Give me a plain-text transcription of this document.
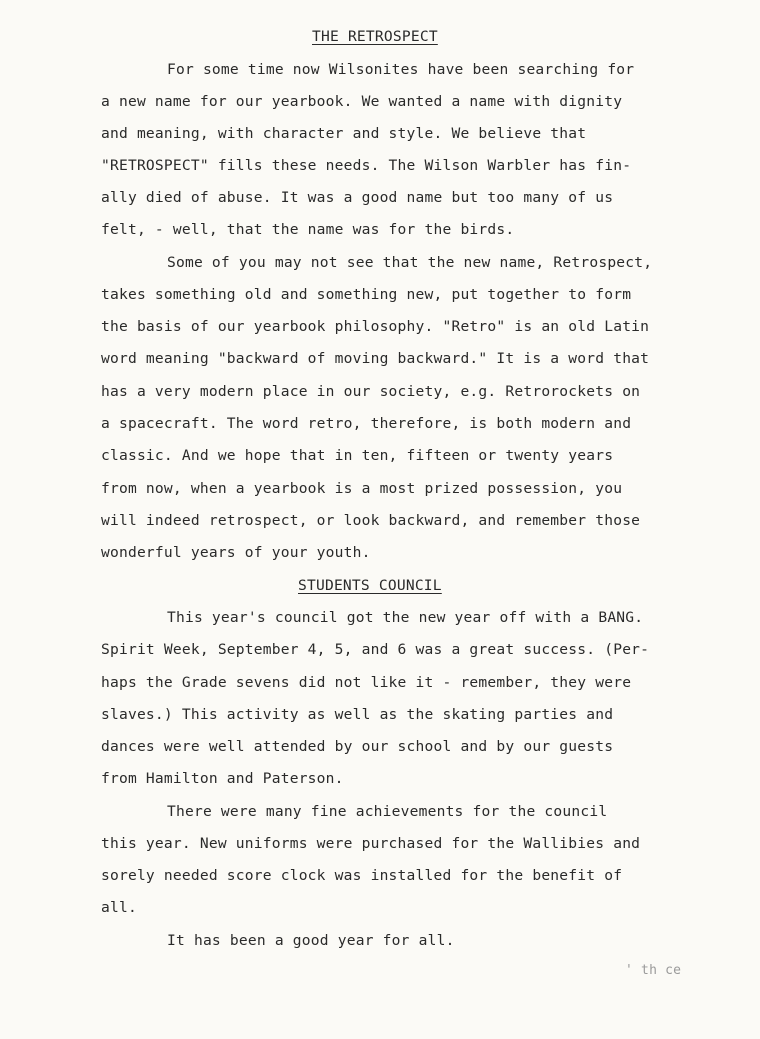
THE RETROSPECT
For some time now Wilsonites have been searching for
a new name for our yearbook. We wanted a name with dignity
and meaning, with character and style. We believe that
"RETROSPECT" fills these needs. The Wilson Warbler has fin-
ally died of abuse. It was a good name but too many of us
felt, - well, that the name was for the birds.
Some of you may not see that the new name, Retrospect,
takes something old and something new, put together to form
the basis of our yearbook philosophy. "Retro" is an old Latin
word meaning "backward of moving backward." It is a word that
has a very modern place in our society, e.g. Retrorockets on
a spacecraft. The word retro, therefore, is both modern and
classic. And we hope that in ten, fifteen or twenty years
from now, when a yearbook is a most prized possession, you
will indeed retrospect, or look backward, and remember those
wonderful years of your youth.
STUDENTS COUNCIL
This year's council got the new year off with a BANG.
Spirit Week, September 4, 5, and 6 was a great success. (Per-
haps the Grade sevens did not like it - remember, they were
slaves.) This activity as well as the skating parties and
dances were well attended by our school and by our guests
from Hamilton and Paterson.
There were many fine achievements for the council
this year. New uniforms were purchased for the Wallibies and
sorely needed score clock was installed for the benefit of
all.
It has been a good year for all.
' th ce
